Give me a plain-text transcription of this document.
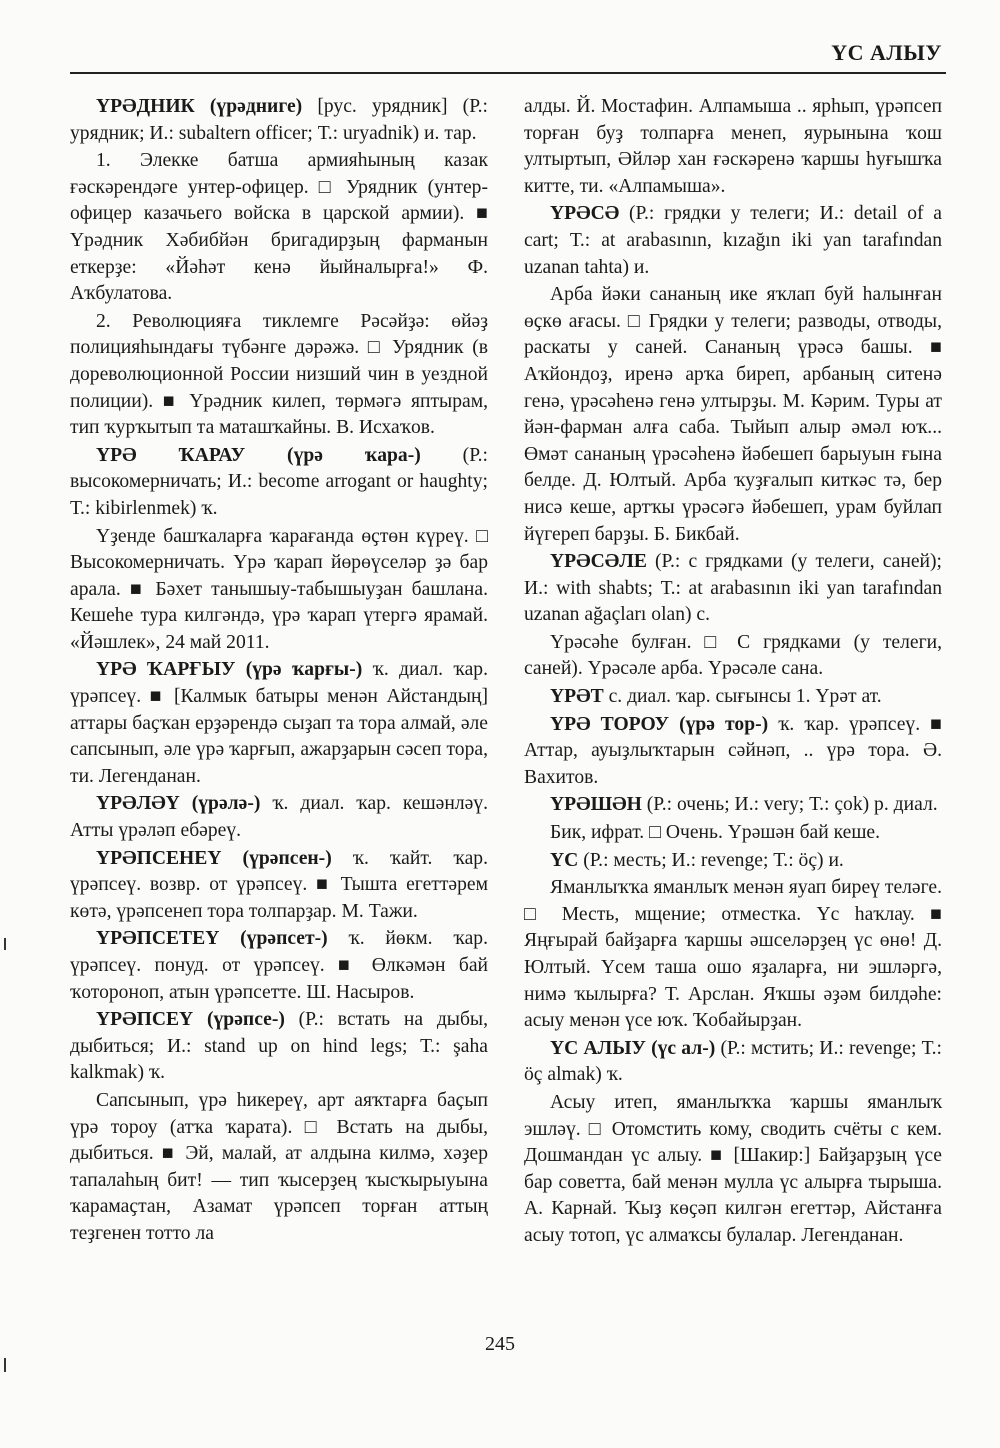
ҮС АЛЫУ

ҮРӘДНИК (үрәдниге) [рус. урядник] (Р.: урядник; И.: subaltern officer; Т.: uryadnik) и. тар.

1. Элекке батша армияһының казак ғәскәрендәге унтер-офицер. □ Урядник (унтер-офицер казачьего войска в царской армии). ■ Үрәдник Хәбибйән бригадирҙың фарманын еткерҙе: «Йәһәт кенә йыйналырға!» Ф. Аҡбулатова.

2. Революцияға тиклемге Рәсәйҙә: өйәҙ полицияһындағы түбәнге дәрәжә. □ Урядник (в дореволюционной России низший чин в уездной полиции). ■ Үрәдник килеп, төрмәгә яптырам, тип ҡурҡытып та маташҡайны. В. Исхаҡов.

ҮРӘ ҠАРАУ (үрә ҡара-) (Р.: высокомерничать; И.: become arrogant or haughty; Т.: kibirlenmek) ҡ.

Үҙенде башҡаларға ҡарағанда өҫтөн күреү. □ Высокомерничать. Үрә ҡарап йөрөүселәр ҙә бар арала. ■ Бәхет танышыу-табышыуҙан башлана. Кешеһе тура килгәндә, үрә ҡарап үтергә ярамай. «Йәшлек», 24 май 2011.

ҮРӘ ҠАРҒЫУ (үрә ҡарғы-) ҡ. диал. ҡар. үрәпсеү. ■ [Калмык батыры менән Айстандың] аттары баҫҡан ерҙәрендә сыҙап та тора алмай, әле сапсынып, әле үрә ҡарғып, ажарҙарын сәсеп тора, ти. Легенданан.

ҮРӘЛӘҮ (үрәлә-) ҡ. диал. ҡар. кешәнләү. Атты үрәләп ебәреү.

ҮРӘПСЕНЕҮ (үрәпсен-) ҡ. ҡайт. ҡар. үрәпсеү. возвр. от үрәпсеү. ■ Тышта егеттәрем көтә, үрәпсенеп тора толпарҙар. М. Тажи.

ҮРӘПСЕТЕҮ (үрәпсет-) ҡ. йөкм. ҡар. үрәпсеү. понуд. от үрәпсеү. ■ Өлкәмән бай ҡотороноп, атын үрәпсетте. Ш. Насыров.

ҮРӘПСЕҮ (үрәпсе-) (Р.: встать на дыбы, дыбиться; И.: stand up on hind legs; Т.: şaha kalkmak) ҡ.

Сапсынып, үрә һикереү, арт аяҡтарға баҫып үрә тороу (атҡа ҡарата). □ Встать на дыбы, дыбиться. ■ Эй, малай, ат алдына килмә, хәҙер тапалаһың бит! — тип ҡысерҙең ҡысҡырыуына ҡарамаҫтан, Азамат үрәпсеп торған аттың теҙгенен тотто ла

алды. Й. Мостафин. Алпамыша .. ярһып, үрәпсеп торған буҙ толпарға менеп, яурынына ҡош ултыртып, Әйләр хан ғәскәренә ҡаршы һуғышҡа китте, ти. «Алпамыша».

ҮРӘСӘ (Р.: грядки у телеги; И.: detail of a cart; Т.: at arabasının, kızağın iki yan tarafından uzanan tahta) и.

Арба йәки сананың ике яҡлап буй һалынған өҫкө ағасы. □ Грядки у телеги; разводы, отводы, раскаты у саней. Сананың үрәсә башы. ■ Аҡйондоҙ, иренә арҡа биреп, арбаның ситенә генә, үрәсәһенә генә ултырҙы. М. Кәрим. Туры ат йән-фарман алға саба. Тыйып алыр әмәл юҡ... Өмәт сананың үрәсәһенә йәбешеп барыуын ғына белде. Д. Юлтый. Арба ҡуҙғалып киткәс тә, бер нисә кеше, артҡы үрәсәгә йәбешеп, урам буйлап йүгереп барҙы. Б. Бикбай.

ҮРӘСӘЛЕ (Р.: с грядками (у телеги, саней); И.: with shabts; Т.: at arabasının iki yan tarafından uzanan ağaçları olan) с.

Үрәсәһе булған. □ С грядками (у телеги, саней). Үрәсәле арба. Үрәсәле сана.

ҮРӘТ с. диал. ҡар. сығынсы 1. Үрәт ат.

ҮРӘ ТОРОУ (үрә тор-) ҡ. ҡар. үрәпсеү. ■ Аттар, ауыҙлыҡтарын сәйнәп, .. үрә тора. Ә. Вахитов.

ҮРӘШӘН (Р.: очень; И.: very; Т.: çok) р. диал.

Бик, ифрат. □ Очень. Үрәшән бай кеше.

ҮС (Р.: месть; И.: revenge; Т.: öç) и.

Яманлыҡҡа яманлыҡ менән яуап биреү теләге. □ Месть, мщение; отместка. Үс һаҡлау. ■ Яңғырай байҙарға ҡаршы әшселәрҙең үс өнө! Д. Юлтый. Үсем таша ошо яҙаларға, ни эшләргә, нимә ҡылырға? Т. Арслан. Яҡшы әҙәм билдәһе: асыу менән үсе юҡ. Ҡобайырҙан.

ҮС АЛЫУ (үс ал-) (Р.: мстить; И.: revenge; Т.: öç almak) ҡ.

Асыу итеп, яманлыҡҡа ҡаршы яманлыҡ эшләү. □ Отомстить кому, сводить счёты с кем. Дошмандан үс алыу. ■ [Шакир:] Байҙарҙың үсе бар советта, бай менән мулла үс алырға тырыша. А. Карнай. Ҡыҙ көҫәп килгән егеттәр, Айстанға асыу тотоп, үс алмаҡсы булалар. Легенданан.

245
